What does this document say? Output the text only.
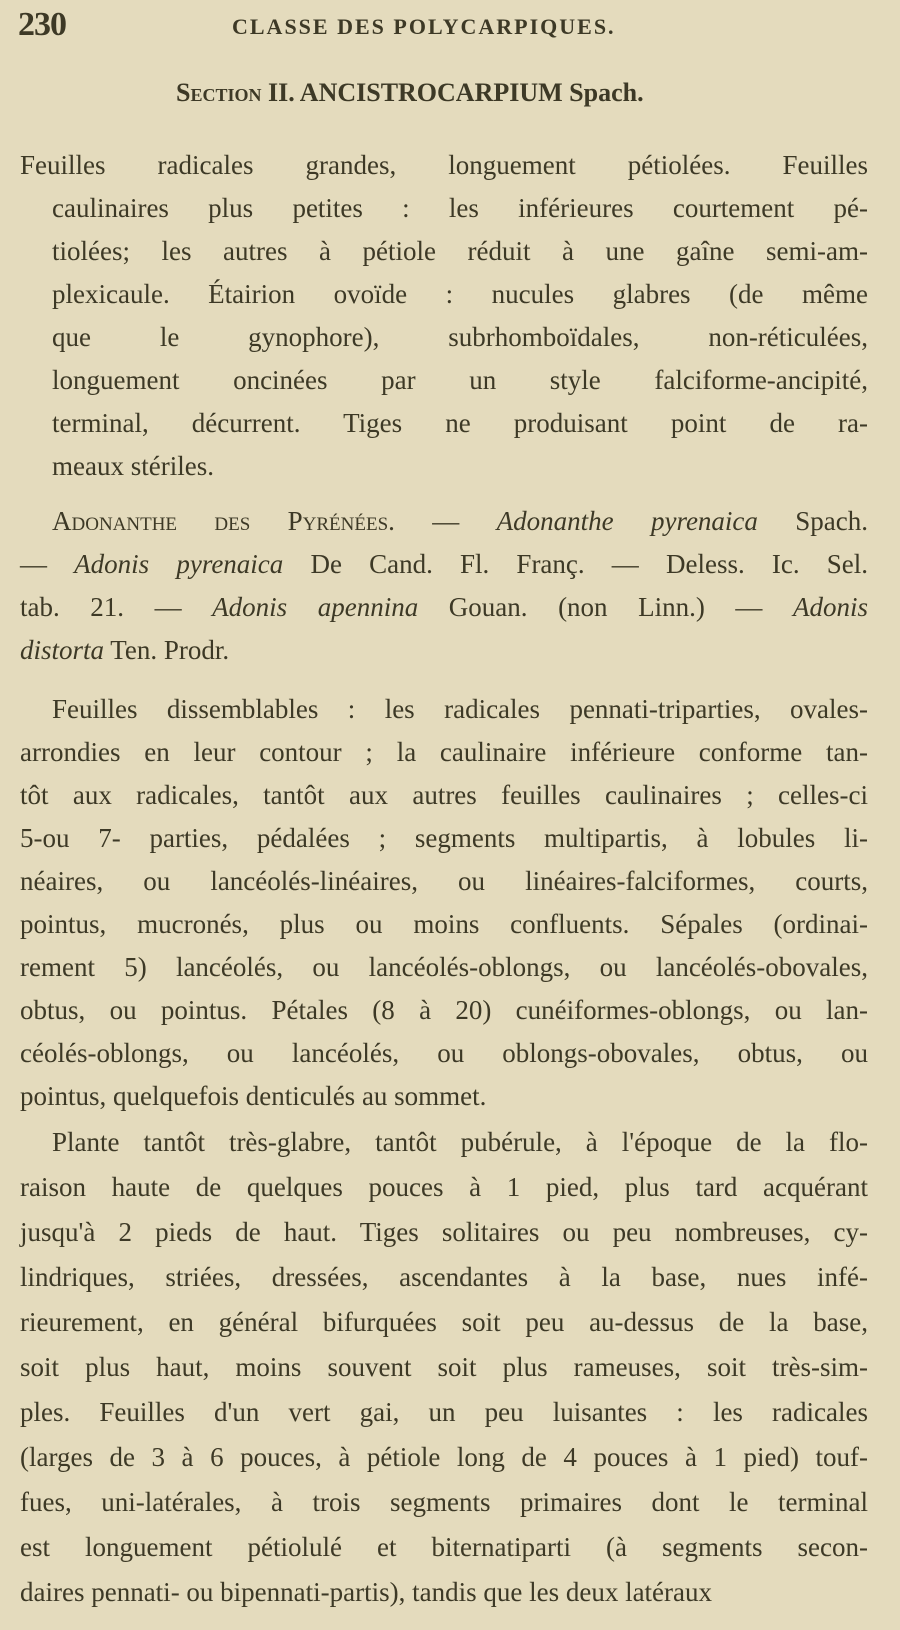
230	CLASSE DES POLYCARPIQUES.
Section II. ANCISTROCARPIUM Spach.
Feuilles radicales grandes, longuement pétiolées. Feuilles
caulinaires plus petites : les inférieures courtement pé-
tiolées; les autres à pétiole réduit à une gaîne semi-am-
plexicaule. Étairion ovoïde : nucules glabres (de même
que le gynophore), subrhomboïdales, non-réticulées,
longuement oncinées par un style falciforme-ancipité,
terminal, décurrent. Tiges ne produisant point de ra-
meaux stériles.
Adonanthe des Pyrénées. — Adonanthe pyrenaica Spach.
— Adonis pyrenaica De Cand. Fl. Franç. — Deless. Ic. Sel.
tab. 21. — Adonis apennina Gouan. (non Linn.) — Adonis
distorta Ten. Prodr.
Feuilles dissemblables : les radicales pennati-triparties, ovales-
arrondies en leur contour ; la caulinaire inférieure conforme tan-
tôt aux radicales, tantôt aux autres feuilles caulinaires ; celles-ci
5-ou 7- parties, pédalées ; segments multipartis, à lobules li-
néaires, ou lancéolés-linéaires, ou linéaires-falciformes, courts,
pointus, mucronés, plus ou moins confluents. Sépales (ordinai-
rement 5) lancéolés, ou lancéolés-oblongs, ou lancéolés-obovales,
obtus, ou pointus. Pétales (8 à 20) cunéiformes-oblongs, ou lan-
céolés-oblongs, ou lancéolés, ou oblongs-obovales, obtus, ou
pointus, quelquefois denticulés au sommet.
Plante tantôt très-glabre, tantôt pubérule, à l'époque de la flo-
raison haute de quelques pouces à 1 pied, plus tard acquérant
jusqu'à 2 pieds de haut. Tiges solitaires ou peu nombreuses, cy-
lindriques, striées, dressées, ascendantes à la base, nues infé-
rieurement, en général bifurquées soit peu au-dessus de la base,
soit plus haut, moins souvent soit plus rameuses, soit très-sim-
ples. Feuilles d'un vert gai, un peu luisantes : les radicales
(larges de 3 à 6 pouces, à pétiole long de 4 pouces à 1 pied) touf-
fues, uni-latérales, à trois segments primaires dont le terminal
est longuement pétiolulé et biternatiparti (à segments secon-
daires pennati- ou bipennati-partis), tandis que les deux latéraux
